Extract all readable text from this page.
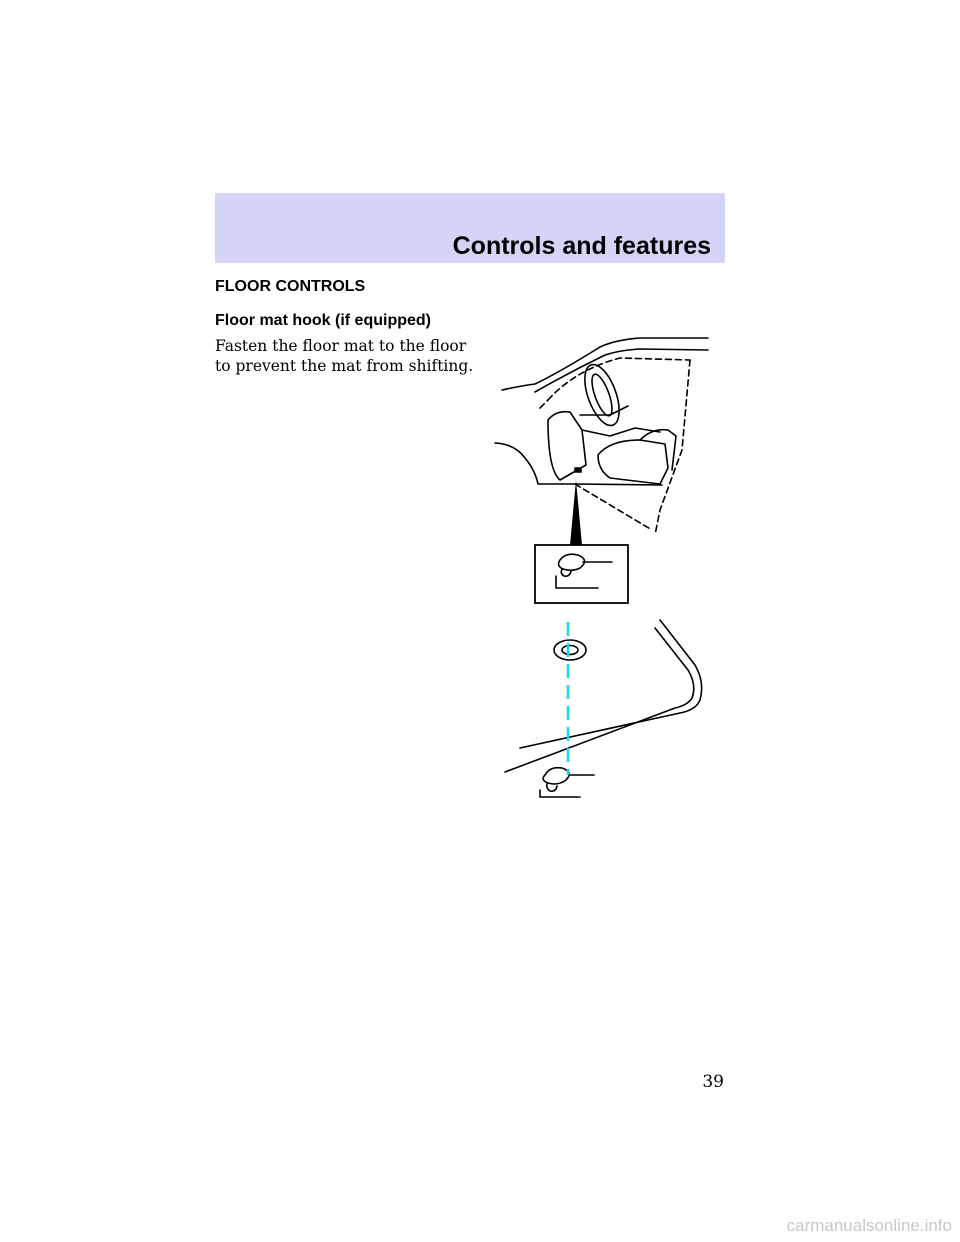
Controls and features
FLOOR CONTROLS
Floor mat hook (if equipped)
Fasten the floor mat to the floor to prevent the mat from shifting.
39
carmanualsonline.info
